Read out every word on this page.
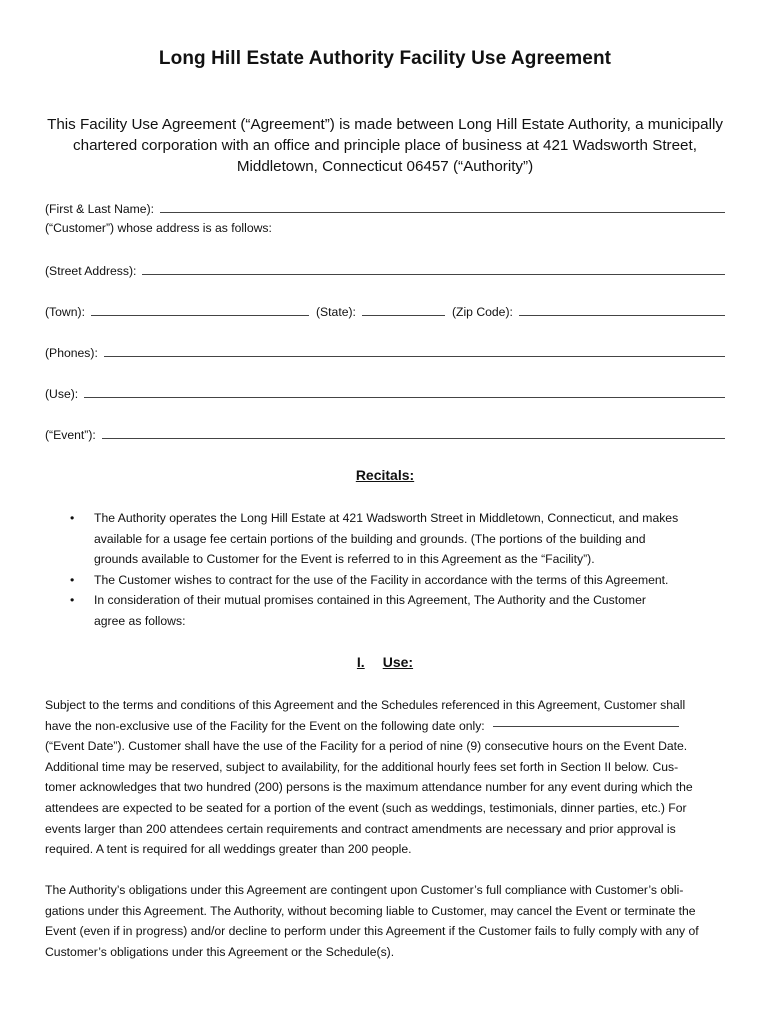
Long Hill Estate Authority Facility Use Agreement
This Facility Use Agreement (“Agreement”) is made between Long Hill Estate Authority, a municipally
chartered corporation with an office and principle place of business at 421 Wadsworth Street,
Middletown, Connecticut 06457 (“Authority”)
(First & Last Name):
(“Customer”) whose address is as follows:
(Street Address):
(Town):	(State):	(Zip Code):
(Phones):
(Use):
(“Event”):
Recitals:
• The Authority operates the Long Hill Estate at 421 Wadsworth Street in Middletown, Connecticut, and makes
available for a usage fee certain portions of the building and grounds. (The portions of the building and
grounds available to Customer for the Event is referred to in this Agreement as the “Facility”).
• The Customer wishes to contract for the use of the Facility in accordance with the terms of this Agreement.
• In consideration of their mutual promises contained in this Agreement, The Authority and the Customer
agree as follows:
I. Use:
Subject to the terms and conditions of this Agreement and the Schedules referenced in this Agreement, Customer shall
have the non-exclusive use of the Facility for the Event on the following date only:
(“Event Date”). Customer shall have the use of the Facility for a period of nine (9) consecutive hours on the Event Date.
Additional time may be reserved, subject to availability, for the additional hourly fees set forth in Section II below. Cus-
tomer acknowledges that two hundred (200) persons is the maximum attendance number for any event during which the
attendees are expected to be seated for a portion of the event (such as weddings, testimonials, dinner parties, etc.) For
events larger than 200 attendees certain requirements and contract amendments are necessary and prior approval is
required. A tent is required for all weddings greater than 200 people.
The Authority’s obligations under this Agreement are contingent upon Customer’s full compliance with Customer’s obli-
gations under this Agreement. The Authority, without becoming liable to Customer, may cancel the Event or terminate the
Event (even if in progress) and/or decline to perform under this Agreement if the Customer fails to fully comply with any of
Customer’s obligations under this Agreement or the Schedule(s).
